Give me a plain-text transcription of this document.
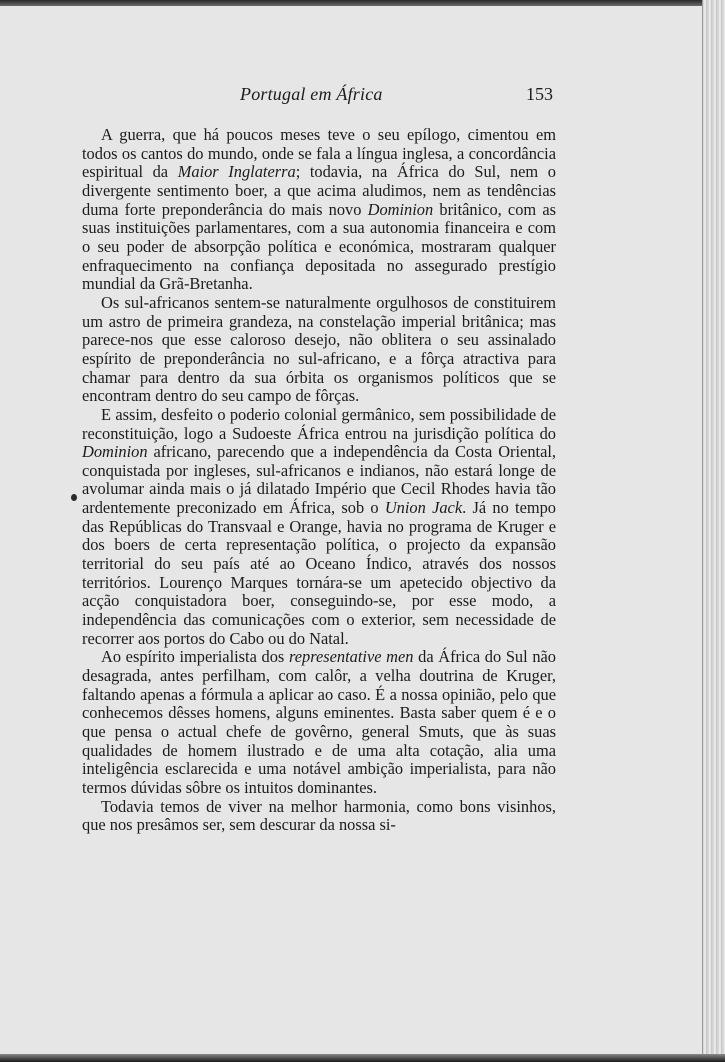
Portugal em África	153

A guerra, que há poucos meses teve o seu epílogo, cimentou em todos os cantos do mundo, onde se fala a língua inglesa, a concordância espiritual da Maior Inglaterra; todavia, na África do Sul, nem o divergente sentimento boer, a que acima aludimos, nem as tendências duma forte preponderância do mais novo Dominion britânico, com as suas instituições parlamentares, com a sua autonomia financeira e com o seu poder de absorpção política e económica, mostraram qualquer enfraquecimento na confiança depositada no assegurado prestígio mundial da Grã-Bretanha.

Os sul-africanos sentem-se naturalmente orgulhosos de constituirem um astro de primeira grandeza, na constelação imperial britânica; mas parece-nos que esse caloroso desejo, não oblitera o seu assinalado espírito de preponderância no sul-africano, e a fôrça atractiva para chamar para dentro da sua órbita os organismos políticos que se encontram dentro do seu campo de fôrças.

E assim, desfeito o poderio colonial germânico, sem possibilidade de reconstituição, logo a Sudoeste África entrou na jurisdição política do Dominion africano, parecendo que a independência da Costa Oriental, conquistada por ingleses, sul-africanos e indianos, não estará longe de avolumar ainda mais o já dilatado Império que Cecil Rhodes havia tão ardentemente preconizado em África, sob o Union Jack. Já no tempo das Repúblicas do Transvaal e Orange, havia no programa de Kruger e dos boers de certa representação política, o projecto da expansão territorial do seu país até ao Oceano Índico, através dos nossos territórios. Lourenço Marques tornára-se um apetecido objectivo da acção conquistadora boer, conseguindo-se, por esse modo, a independência das comunicações com o exterior, sem necessidade de recorrer aos portos do Cabo ou do Natal.

Ao espírito imperialista dos representative men da África do Sul não desagrada, antes perfilham, com calôr, a velha doutrina de Kruger, faltando apenas a fórmula a aplicar ao caso. É a nossa opinião, pelo que conhecemos dêsses homens, alguns eminentes. Basta saber quem é e o que pensa o actual chefe de govêrno, general Smuts, que às suas qualidades de homem ilustrado e de uma alta cotação, alia uma inteligência esclarecida e uma notável ambição imperialista, para não termos dúvidas sôbre os intuitos dominantes.

Todavia temos de viver na melhor harmonia, como bons visinhos, que nos presâmos ser, sem descurar da nossa si-
